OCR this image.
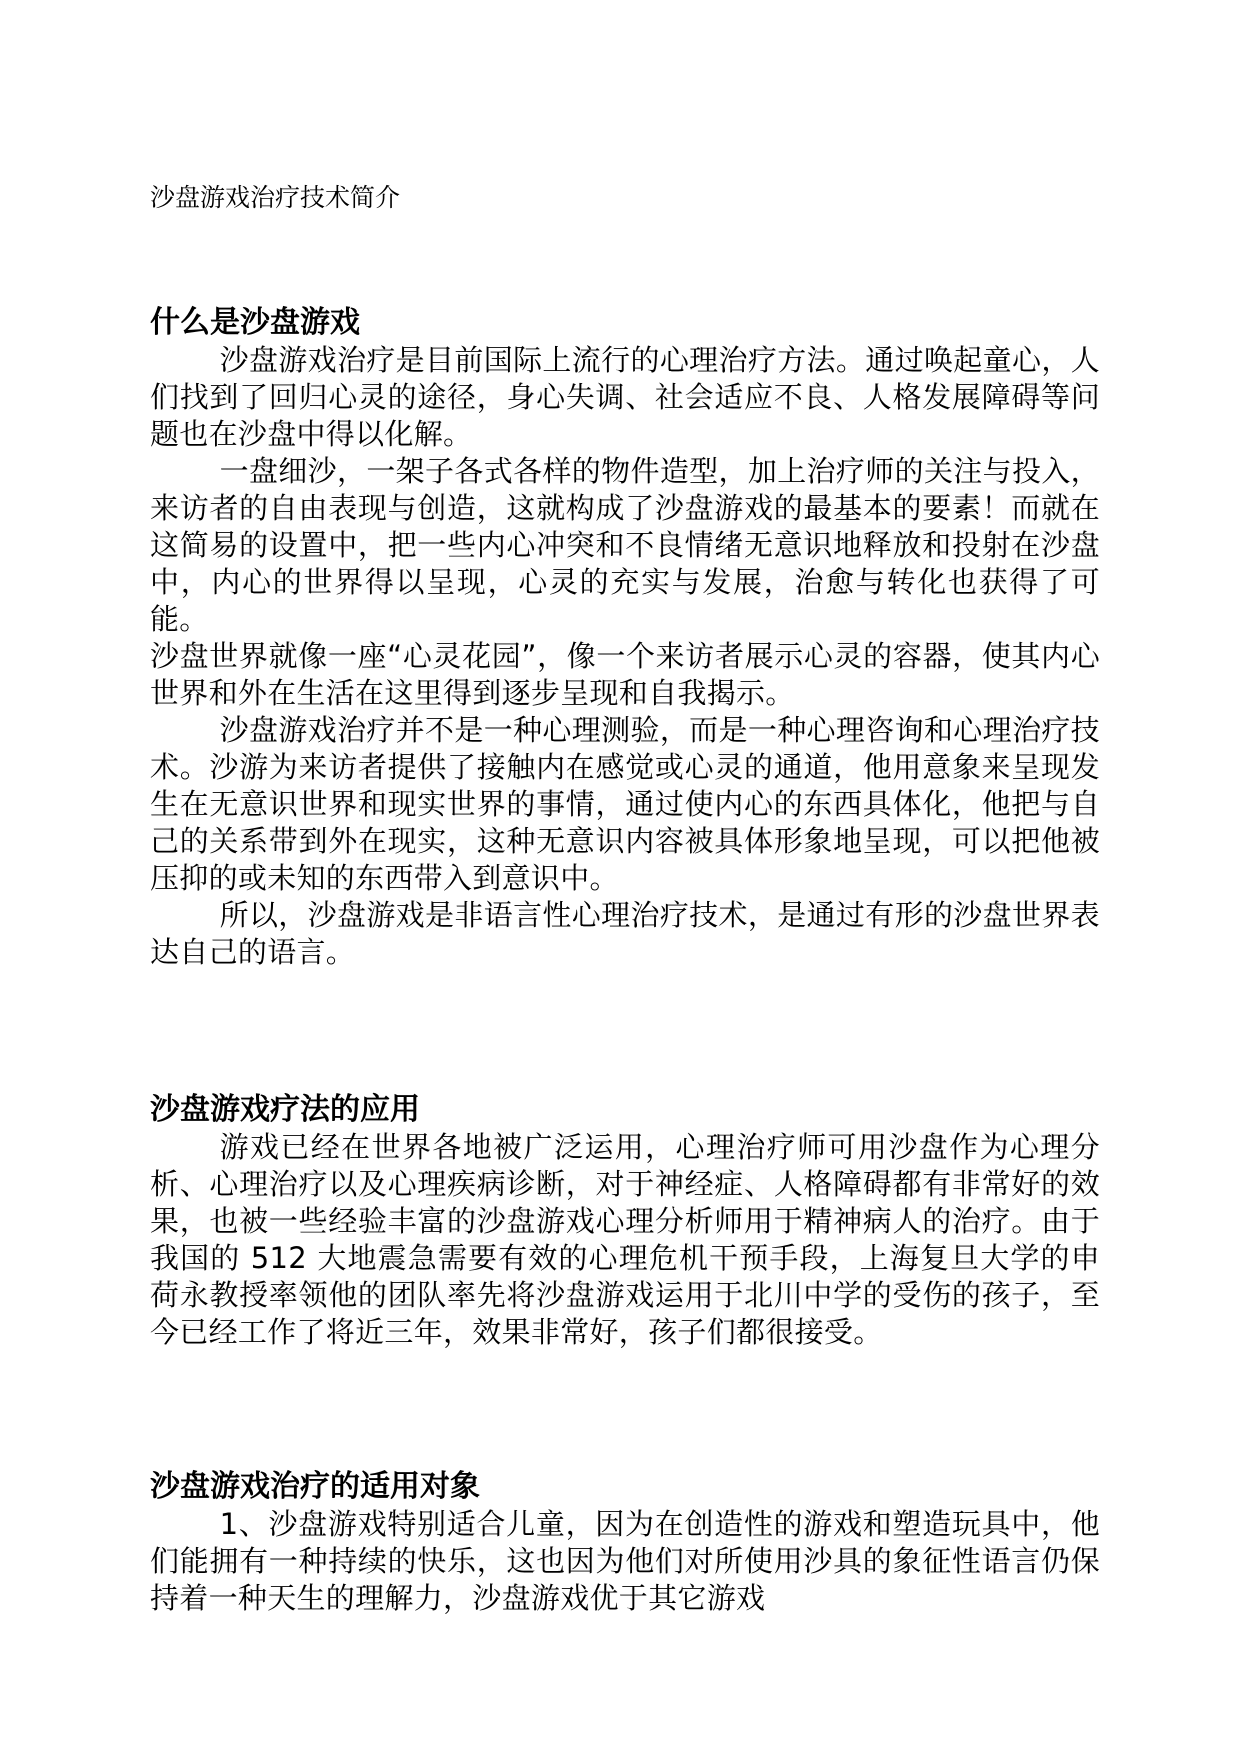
沙盘游戏治疗技术简介
什么是沙盘游戏

沙盘游戏治疗是目前国际上流行的心理治疗方法。通过唤起童心，人们找到了回归心灵的途径，身心失调、社会适应不良、人格发展障碍等问题也在沙盘中得以化解。

一盘细沙，一架子各式各样的物件造型，加上治疗师的关注与投入，来访者的自由表现与创造，这就构成了沙盘游戏的最基本的要素！而就在这简易的设置中，把一些内心冲突和不良情绪无意识地释放和投射在沙盘中，内心的世界得以呈现，心灵的充实与发展，治愈与转化也获得了可能。

沙盘世界就像一座“心灵花园”，像一个来访者展示心灵的容器，使其内心世界和外在生活在这里得到逐步呈现和自我揭示。

沙盘游戏治疗并不是一种心理测验，而是一种心理咨询和心理治疗技术。沙游为来访者提供了接触内在感觉或心灵的通道，他用意象来呈现发生在无意识世界和现实世界的事情，通过使内心的东西具体化，他把与自己的关系带到外在现实，这种无意识内容被具体形象地呈现，可以把他被压抑的或未知的东西带入到意识中。

所以，沙盘游戏是非语言性心理治疗技术，是通过有形的沙盘世界表达自己的语言。

沙盘游戏疗法的应用

游戏已经在世界各地被广泛运用，心理治疗师可用沙盘作为心理分析、心理治疗以及心理疾病诊断，对于神经症、人格障碍都有非常好的效果，也被一些经验丰富的沙盘游戏心理分析师用于精神病人的治疗。由于我国的 512 大地震急需要有效的心理危机干预手段，上海复旦大学的申荷永教授率领他的团队率先将沙盘游戏运用于北川中学的受伤的孩子，至今已经工作了将近三年，效果非常好，孩子们都很接受。

沙盘游戏治疗的适用对象

1、沙盘游戏特别适合儿童，因为在创造性的游戏和塑造玩具中，他们能拥有一种持续的快乐，这也因为他们对所使用沙具的象征性语言仍保持着一种天生的理解力，沙盘游戏优于其它游戏
